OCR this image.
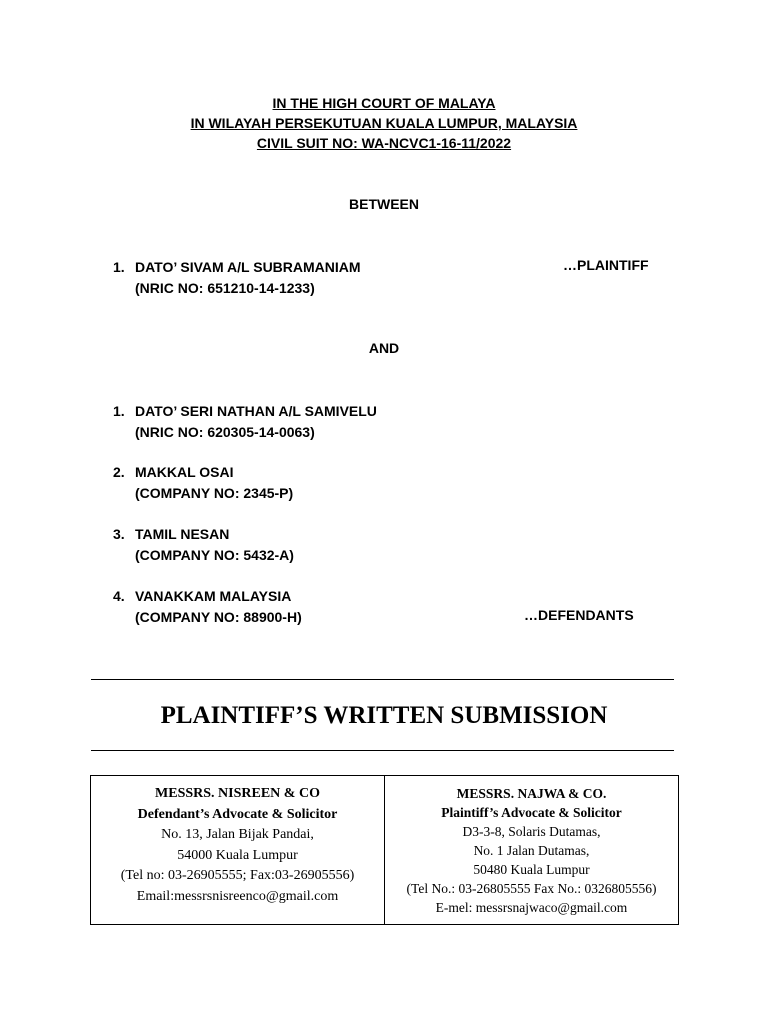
IN THE HIGH COURT OF MALAYA
IN WILAYAH PERSEKUTUAN KUALA LUMPUR, MALAYSIA
CIVIL SUIT NO: WA-NCVC1-16-11/2022
BETWEEN
1. DATO’ SIVAM A/L SUBRAMANIAM
(NRIC NO: 651210-14-1233)
…PLAINTIFF
AND
1. DATO’ SERI NATHAN A/L SAMIVELU
(NRIC NO: 620305-14-0063)
2. MAKKAL OSAI
(COMPANY NO: 2345-P)
3. TAMIL NESAN
(COMPANY NO: 5432-A)
4. VANAKKAM MALAYSIA
(COMPANY NO: 88900-H)	…DEFENDANTS
PLAINTIFF’S WRITTEN SUBMISSION
MESSRS. NISREEN & CO
Defendant’s Advocate & Solicitor
No. 13, Jalan Bijak Pandai,
54000 Kuala Lumpur
(Tel no: 03-26905555; Fax:03-26905556)
Email:messrsnisreenco@gmail.com
MESSRS. NAJWA & CO.
Plaintiff’s Advocate & Solicitor
D3-3-8, Solaris Dutamas,
No. 1 Jalan Dutamas,
50480 Kuala Lumpur
(Tel No.: 03-26805555 Fax No.: 0326805556)
E-mel: messrsnajwaco@gmail.com
